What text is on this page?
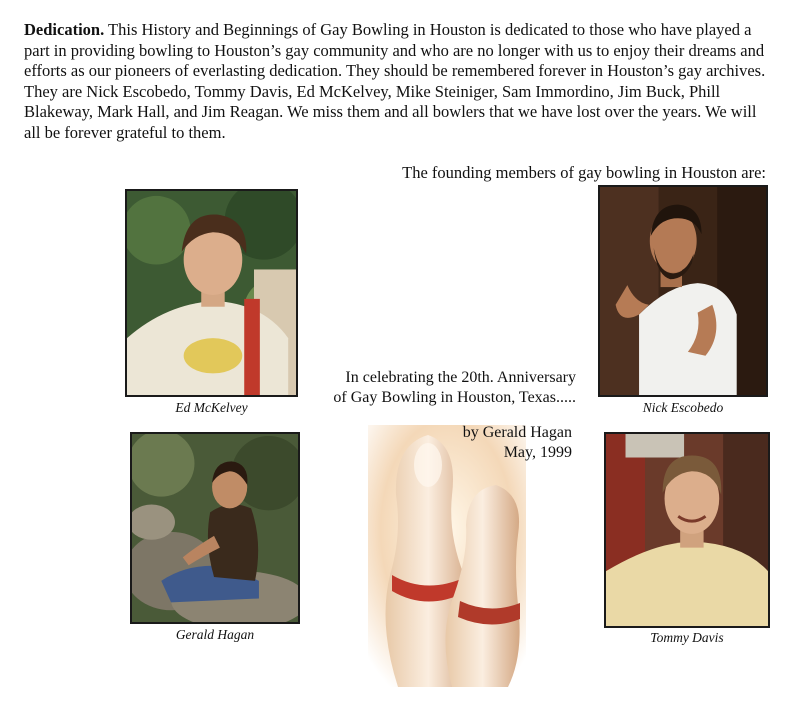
Dedication. This History and Beginnings of Gay Bowling in Houston is dedicated to those who have played a part in providing bowling to Houston’s gay community and who are no longer with us to enjoy their dreams and efforts as our pioneers of everlasting dedication. They should be remembered forever in Houston’s gay archives. They are Nick Escobedo, Tommy Davis, Ed McKelvey, Mike Steiniger, Sam Immordino, Jim Buck, Phill Blakeway, Mark Hall, and Jim Reagan. We miss them and all bowlers that we have lost over the years. We will all be forever grateful to them.

The founding members of gay bowling in Houston are:
Ed McKelvey	Nick Escobedo
Gerald Hagan	Tommy Davis
In celebrating the 20th. Anniversary
of Gay Bowling in Houston, Texas.....
by Gerald Hagan
May, 1999
